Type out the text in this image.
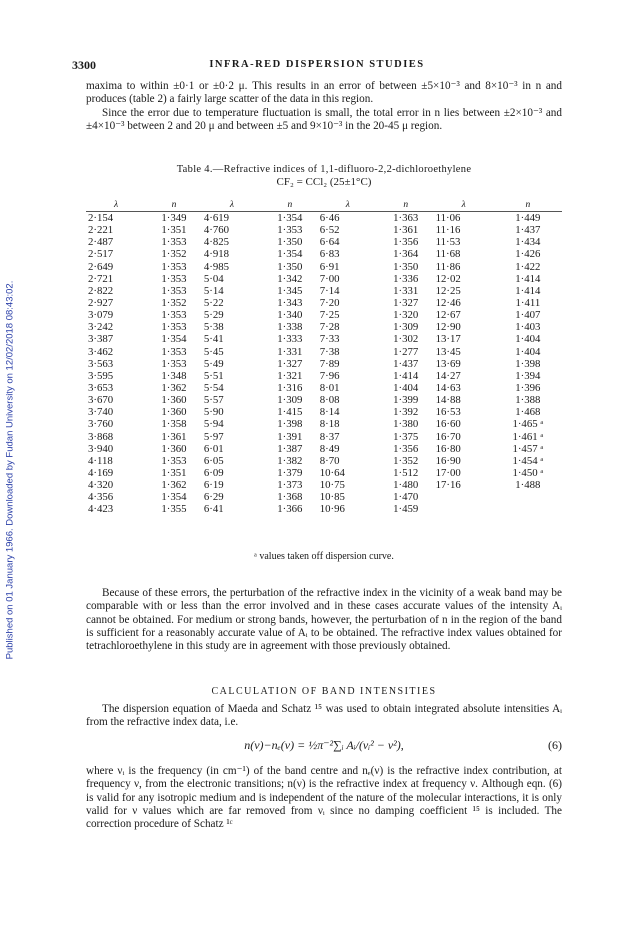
Published on 01 January 1966. Downloaded by Fudan University on 12/02/2018 08:43:02.
3300	INFRA-RED DISPERSION STUDIES

maxima to within ±0·1 or ±0·2 μ. This results in an error of between ±5×10⁻³ and 8×10⁻³ in n and produces (table 2) a fairly large scatter of the data in this region.

Since the error due to temperature fluctuation is small, the total error in n lies between ±2×10⁻³ and ±4×10⁻³ between 2 and 20 μ and between ±5 and 9×10⁻³ in the 20-45 μ region.

Table 4.—Refractive indices of 1,1-difluoro-2,2-dichloroethylene
CF₂ = CCl₂ (25±1°C)
λ	n	λ	n	λ	n	λ	n
2·154	1·349	4·619	1·354	6·46	1·363	11·06	1·449
2·221	1·351	4·760	1·353	6·52	1·361	11·16	1·437
2·487	1·353	4·825	1·350	6·64	1·356	11·53	1·434
2·517	1·352	4·918	1·354	6·83	1·364	11·68	1·426
2·649	1·353	4·985	1·350	6·91	1·350	11·86	1·422
2·721	1·353	5·04	1·342	7·00	1·336	12·02	1·414
2·822	1·353	5·14	1·345	7·14	1·331	12·25	1·414
2·927	1·352	5·22	1·343	7·20	1·327	12·46	1·411
3·079	1·353	5·29	1·340	7·25	1·320	12·67	1·407
3·242	1·353	5·38	1·338	7·28	1·309	12·90	1·403
3·387	1·354	5·41	1·333	7·33	1·302	13·17	1·404
3·462	1·353	5·45	1·331	7·38	1·277	13·45	1·404
3·563	1·353	5·49	1·327	7·89	1·437	13·69	1·398
3·595	1·348	5·51	1·321	7·96	1·414	14·27	1·394
3·653	1·362	5·54	1·316	8·01	1·404	14·63	1·396
3·670	1·360	5·57	1·309	8·08	1·399	14·88	1·388
3·740	1·360	5·90	1·415	8·14	1·392	16·53	1·468
3·760	1·358	5·94	1·398	8·18	1·380	16·60	1·465 ᵃ
3·868	1·361	5·97	1·391	8·37	1·375	16·70	1·461 ᵃ
3·940	1·360	6·01	1·387	8·49	1·356	16·80	1·457 ᵃ
4·118	1·353	6·05	1·382	8·70	1·352	16·90	1·454 ᵃ
4·169	1·351	6·09	1·379	10·64	1·512	17·00	1·450 ᵃ
4·320	1·362	6·19	1·373	10·75	1·480	17·16	1·488
4·356	1·354	6·29	1·368	10·85	1·470		
4·423	1·355	6·41	1·366	10·96	1·459		
ᵃ values taken off dispersion curve.

Because of these errors, the perturbation of the refractive index in the vicinity of a weak band may be comparable with or less than the error involved and in these cases accurate values of the intensity Aᵢ cannot be obtained. For medium or strong bands, however, the perturbation of n in the region of the band is sufficient for a reasonably accurate value of Aᵢ to be obtained. The refractive index values obtained for tetrachloroethylene in this study are in agreement with those previously obtained.

CALCULATION OF BAND INTENSITIES

The dispersion equation of Maeda and Schatz ¹⁵ was used to obtain integrated absolute intensities Aᵢ from the refractive index data, i.e.

n(ν)−nₑ(ν) = ½π⁻²∑ᵢ Aᵢ/(νᵢ² − ν²),	(6)

where νᵢ is the frequency (in cm⁻¹) of the band centre and nₑ(ν) is the refractive index contribution, at frequency ν, from the electronic transitions; n(ν) is the refractive index at frequency ν. Although eqn. (6) is valid for any isotropic medium and is independent of the nature of the molecular interactions, it is only valid for ν values which are far removed from νᵢ since no damping coefficient ¹⁵ is included. The correction procedure of Schatz ¹ᶜ
